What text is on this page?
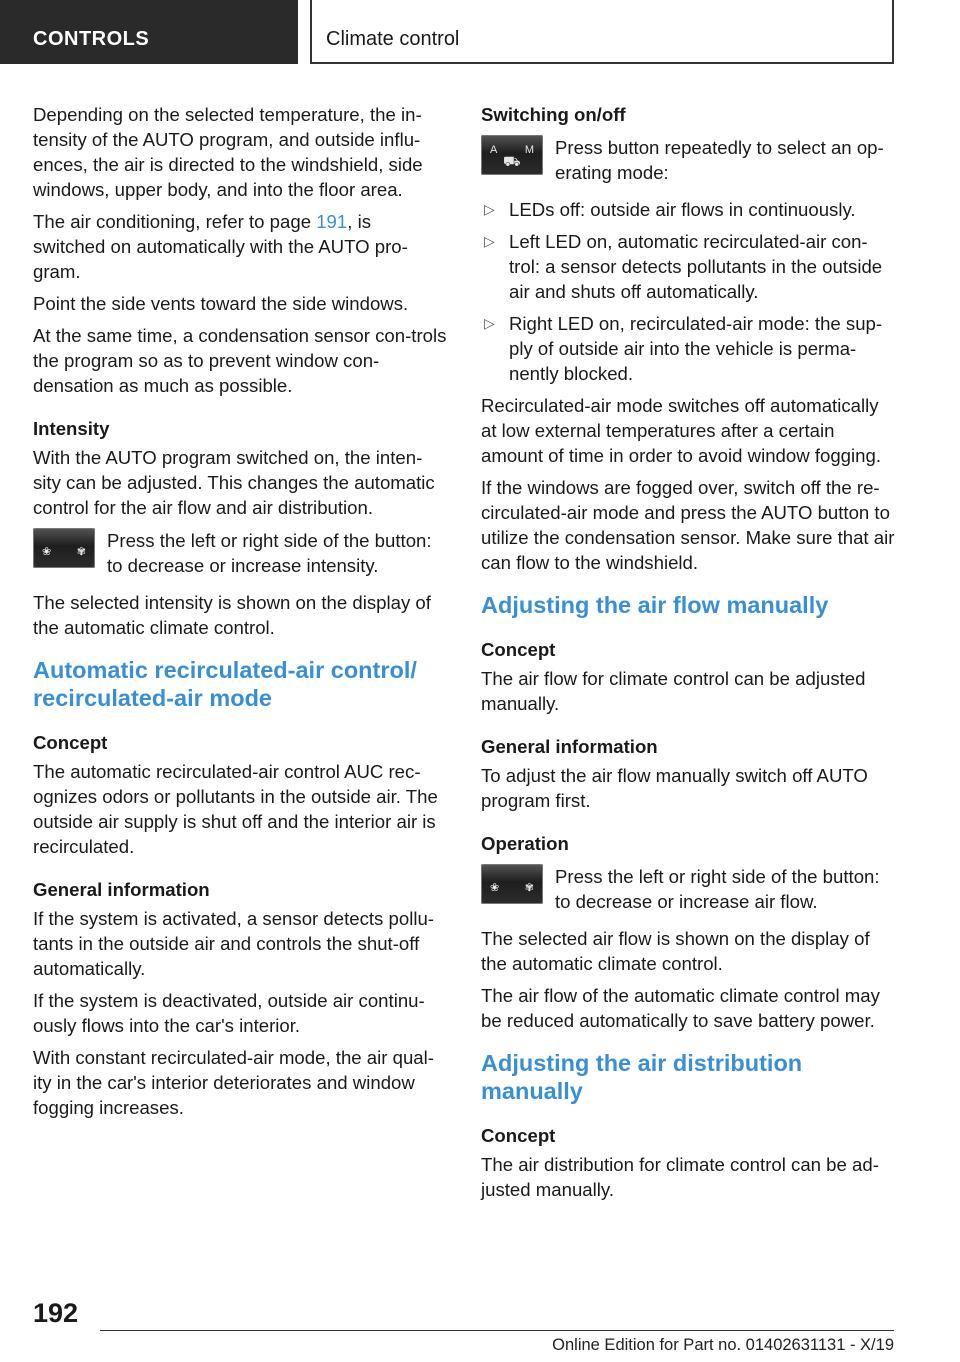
CONTROLS	Climate control

Depending on the selected temperature, the in-tensity of the AUTO program, and outside influ-ences, the air is directed to the windshield, side windows, upper body, and into the floor area.

The air conditioning, refer to page 191, is switched on automatically with the AUTO pro-gram.

Point the side vents toward the side windows.

At the same time, a condensation sensor con-trols the program so as to prevent window con-densation as much as possible.

Intensity

With the AUTO program switched on, the inten-sity can be adjusted. This changes the automatic control for the air flow and air distribution.

❀ ✾
Press the left or right side of the button: to decrease or increase intensity.

The selected intensity is shown on the display of the automatic climate control.

Automatic recirculated-air control/ recirculated-air mode
Concept

The automatic recirculated-air control AUC rec-ognizes odors or pollutants in the outside air. The outside air supply is shut off and the interior air is recirculated.

General information

If the system is activated, a sensor detects pollu-tants in the outside air and controls the shut-off automatically.

If the system is deactivated, outside air continu-ously flows into the car's interior.

With constant recirculated-air mode, the air qual-ity in the car's interior deteriorates and window fogging increases.

Switching on/off
A M
⛟
Press button repeatedly to select an op-erating mode:
▷ LEDs off: outside air flows in continuously.
▷ Left LED on, automatic recirculated-air con-trol: a sensor detects pollutants in the outside air and shuts off automatically.
▷ Right LED on, recirculated-air mode: the sup-ply of outside air into the vehicle is perma-nently blocked.

Recirculated-air mode switches off automatically at low external temperatures after a certain amount of time in order to avoid window fogging.

If the windows are fogged over, switch off the re-circulated-air mode and press the AUTO button to utilize the condensation sensor. Make sure that air can flow to the windshield.

Adjusting the air flow manually
Concept

The air flow for climate control can be adjusted manually.

General information

To adjust the air flow manually switch off AUTO program first.

Operation
❀ ✾
Press the left or right side of the button: to decrease or increase air flow.

The selected air flow is shown on the display of the automatic climate control.

The air flow of the automatic climate control may be reduced automatically to save battery power.

Adjusting the air distribution manually
Concept

The air distribution for climate control can be ad-justed manually.

192
Online Edition for Part no. 01402631131 - X/19
